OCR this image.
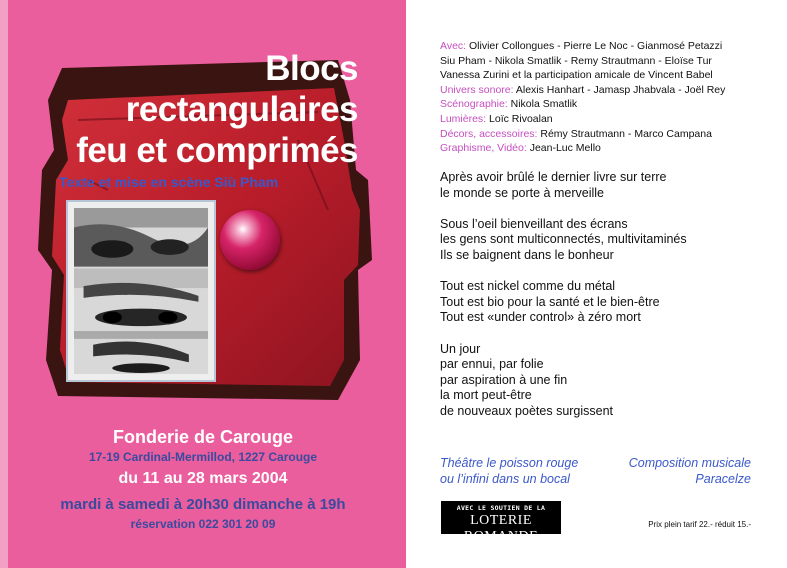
Blocs
rectangulaires
feu et comprimés
Texte et mise en scène Siù Pham
Fonderie de Carouge
17-19 Cardinal-Mermillod, 1227 Carouge
du 11 au 28 mars 2004
mardi à samedi à 20h30 dimanche à 19h
réservation 022 301 20 09
Avec: Olivier Collongues - Pierre Le Noc - Gianmosé Petazzi
Siu Pham - Nikola Smatlik - Remy Strautmann - Eloïse Tur
Vanessa Zurini et la participation amicale de Vincent Babel
Univers sonore: Alexis Hanhart - Jamasp Jhabvala - Joël Rey
Scénographie: Nikola Smatlik
Lumières: Loïc Rivoalan
Décors, accessoires: Rémy Strautmann - Marco Campana
Graphisme, Vidéo: Jean-Luc Mello
Après avoir brûlé le dernier livre sur terre
le monde se porte à merveille
Sous l’oeil bienveillant des écrans
les gens sont multiconnectés, multivitaminés
Ils se baignent dans le bonheur
Tout est nickel comme du métal
Tout est bio pour la santé et le bien-être
Tout est «under control» à zéro mort
Un jour
par ennui, par folie
par aspiration à une fin
la mort peut-être
de nouveaux poètes surgissent
Théâtre le poisson rouge
ou l’infini dans un bocal
Composition musicale
Paracelze
AVEC LE SOUTIEN DE LA
LOTERIE ROMANDE
Prix plein tarif 22.- réduit 15.-
